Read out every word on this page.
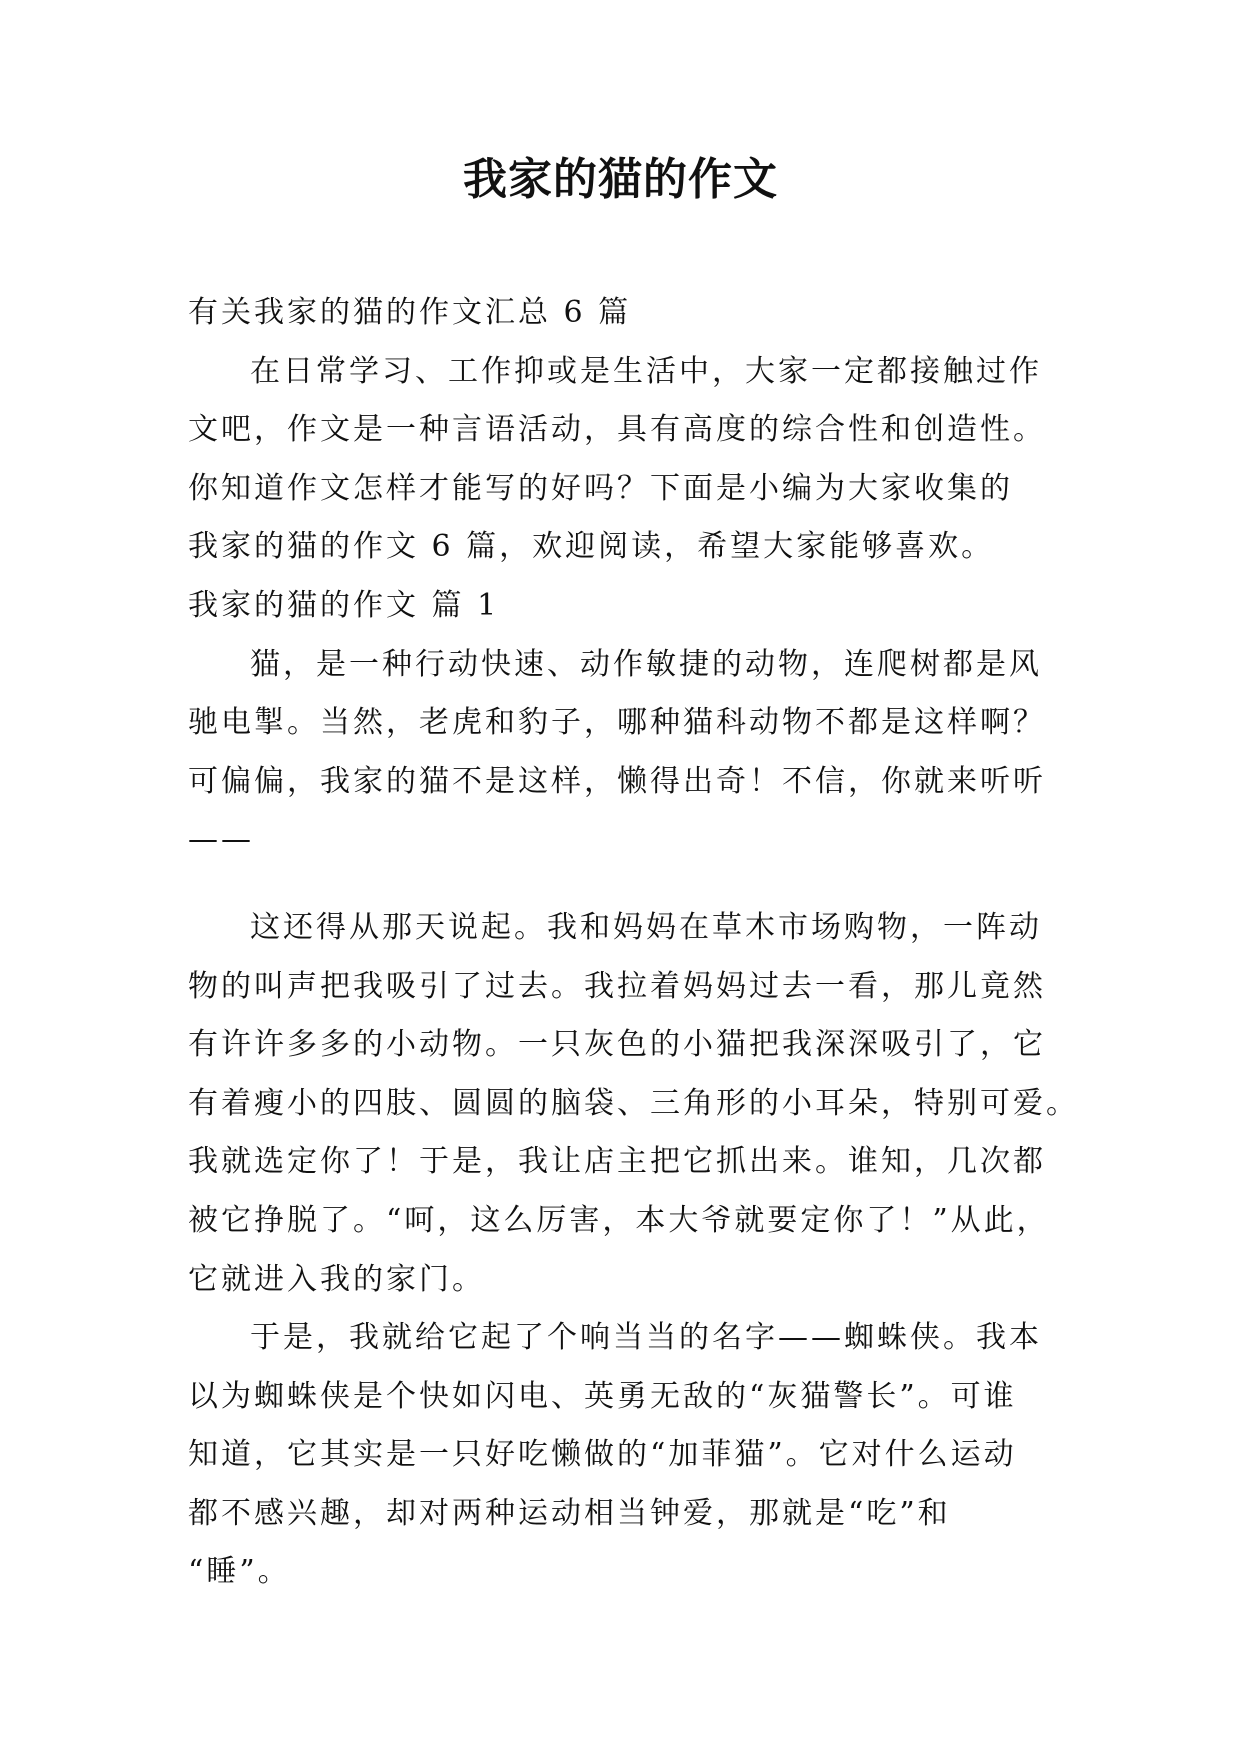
我家的猫的作文

有关我家的猫的作文汇总 6 篇

在日常学习、工作抑或是生活中，大家一定都接触过作

文吧，作文是一种言语活动，具有高度的综合性和创造性。

你知道作文怎样才能写的好吗？下面是小编为大家收集的

我家的猫的作文 6 篇，欢迎阅读，希望大家能够喜欢。

我家的猫的作文 篇 1

猫，是一种行动快速、动作敏捷的动物，连爬树都是风

驰电掣。当然，老虎和豹子，哪种猫科动物不都是这样啊？

可偏偏，我家的猫不是这样，懒得出奇！不信，你就来听听

——

这还得从那天说起。我和妈妈在草木市场购物，一阵动

物的叫声把我吸引了过去。我拉着妈妈过去一看，那儿竟然

有许许多多的小动物。一只灰色的小猫把我深深吸引了，它

有着瘦小的四肢、圆圆的脑袋、三角形的小耳朵，特别可爱。

我就选定你了！于是，我让店主把它抓出来。谁知，几次都

被它挣脱了。“呵，这么厉害，本大爷就要定你了！”从此，

它就进入我的家门。

于是，我就给它起了个响当当的名字——蜘蛛侠。我本

以为蜘蛛侠是个快如闪电、英勇无敌的“灰猫警长”。可谁

知道，它其实是一只好吃懒做的“加菲猫”。它对什么运动

都不感兴趣，却对两种运动相当钟爱，那就是“吃”和

“睡”。
